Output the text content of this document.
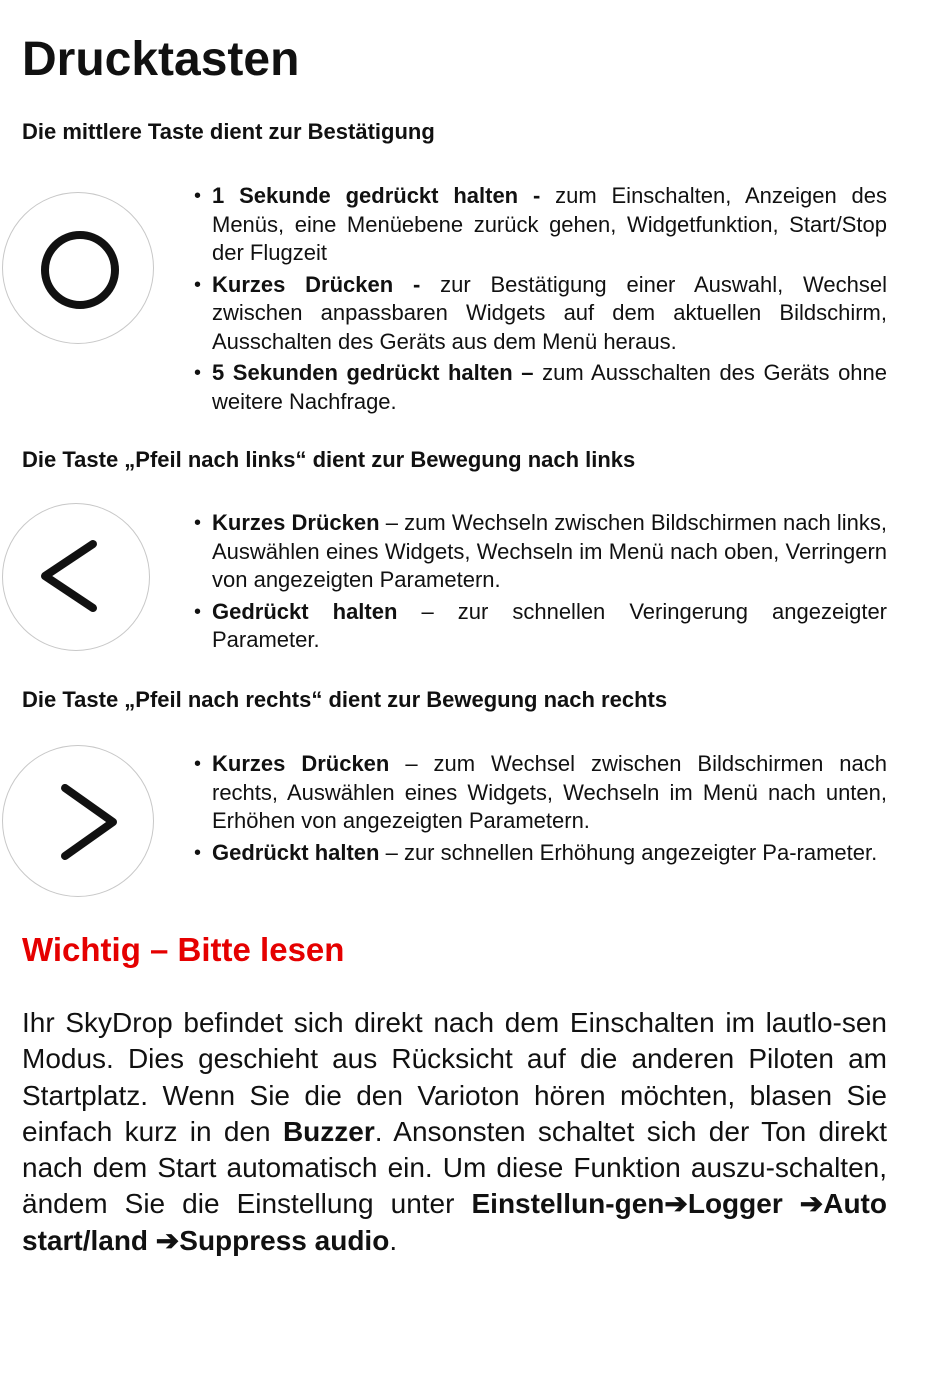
Drucktasten

Die mittlere Taste dient zur Bestätigung

• 1 Sekunde gedrückt halten - zum Einschalten, Anzeigen des Menüs, eine Menüebene zurück gehen, Widgetfunktion, Start/Stop der Flugzeit
• Kurzes Drücken - zur Bestätigung einer Auswahl, Wechsel zwischen anpassbaren Widgets auf dem aktuellen Bildschirm, Ausschalten des Geräts aus dem Menü heraus.
• 5 Sekunden gedrückt halten – zum Ausschalten des Geräts ohne weitere Nachfrage.

Die Taste „Pfeil nach links“ dient zur Bewegung nach links

• Kurzes Drücken – zum Wechseln zwischen Bildschirmen nach links, Auswählen eines Widgets, Wechseln im Menü nach oben, Verringern von angezeigten Parametern.
• Gedrückt halten – zur schnellen Veringerung angezeigter Parameter.

Die Taste „Pfeil nach rechts“ dient zur Bewegung nach rechts

• Kurzes Drücken – zum Wechsel zwischen Bildschirmen nach rechts, Auswählen eines Widgets, Wechseln im Menü nach unten, Erhöhen von angezeigten Parametern.
• Gedrückt halten – zur schnellen Erhöhung angezeigter Pa-rameter.
Wichtig – Bitte lesen

Ihr SkyDrop befindet sich direkt nach dem Einschalten im lautlo-sen Modus. Dies geschieht aus Rücksicht auf die anderen Piloten am Startplatz. Wenn Sie die den Varioton hören möchten, blasen Sie einfach kurz in den Buzzer. Ansonsten schaltet sich der Ton direkt nach dem Start automatisch ein. Um diese Funktion auszu-schalten, ändem Sie die Einstellung unter Einstellun-gen➔Logger ➔Auto start/land ➔Suppress audio.
